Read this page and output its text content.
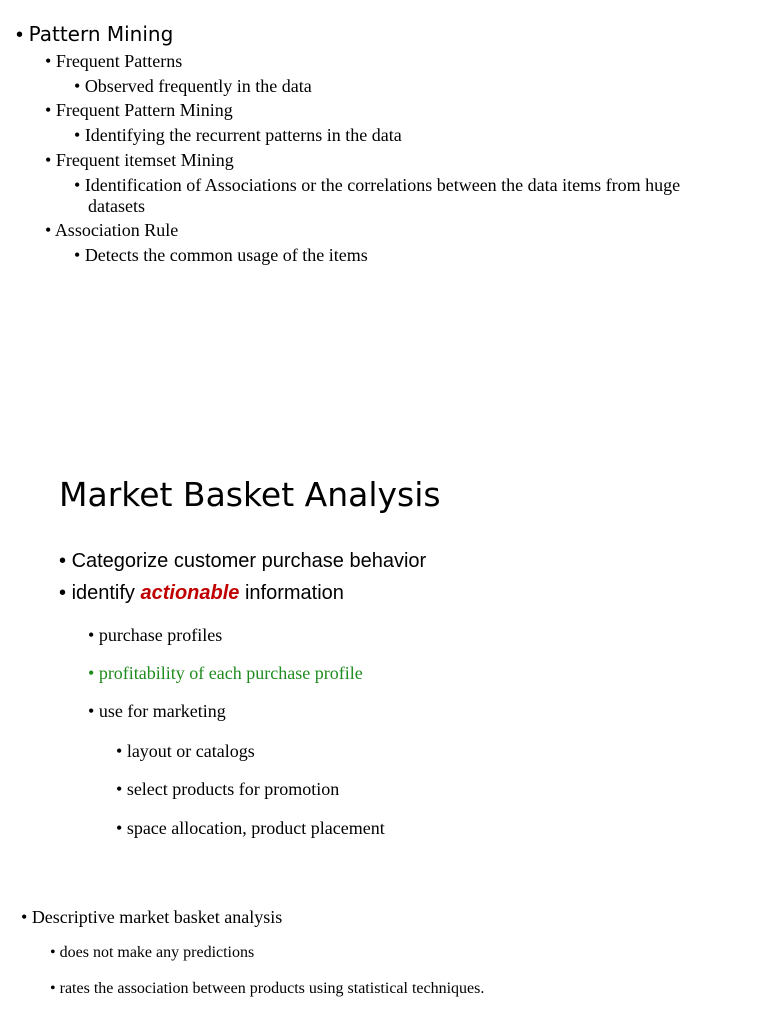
• Pattern Mining
• Frequent Patterns
• Observed frequently in the data
• Frequent Pattern Mining
• Identifying the recurrent patterns in the data
• Frequent itemset Mining
• Identification of Associations or the correlations between the data items from huge
datasets
• Association Rule
• Detects the common usage of the items
Market Basket Analysis
• Categorize customer purchase behavior
• identify actionable information
• purchase profiles
• profitability of each purchase profile
• use for marketing
• layout or catalogs
• select products for promotion
• space allocation, product placement
• Descriptive market basket analysis
• does not make any predictions
• rates the association between products using statistical techniques.
